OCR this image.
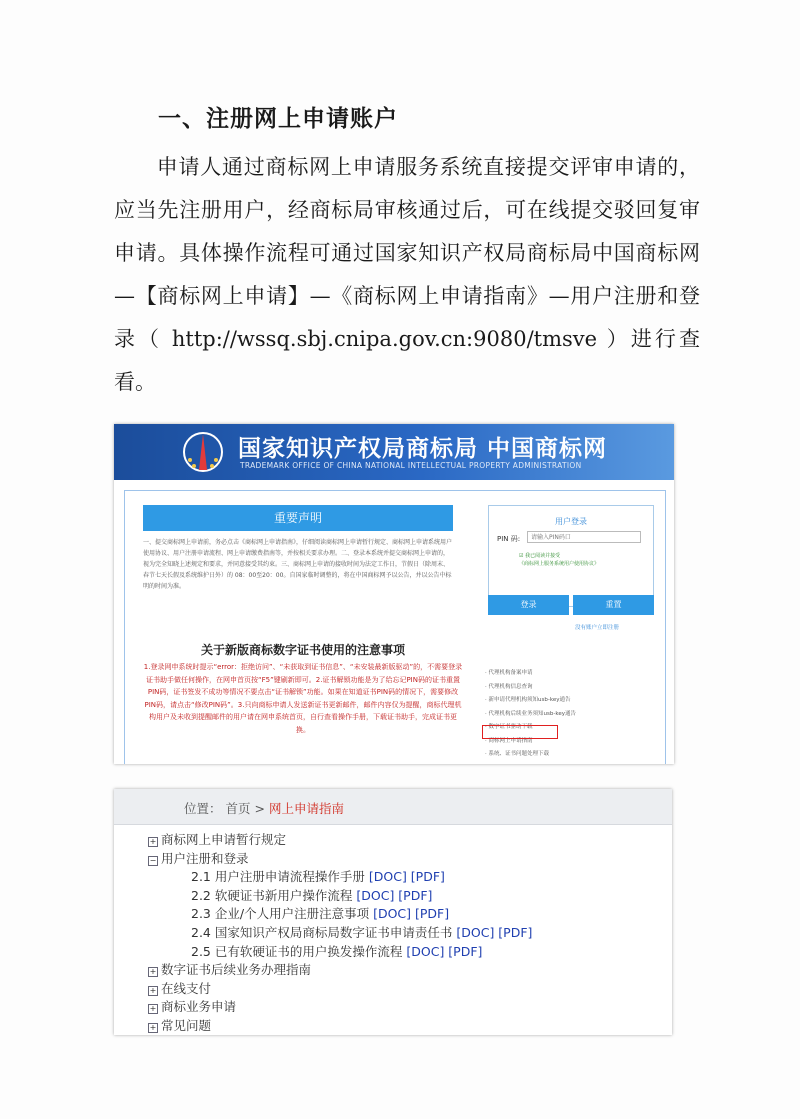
一、注册网上申请账户
申请人通过商标网上申请服务系统直接提交评审申请的，应当先注册用户，经商标局审核通过后，可在线提交驳回复审申请。具体操作流程可通过国家知识产权局商标局中国商标网—【商标网上申请】—《商标网上申请指南》—用户注册和登录（ http://wssq.sbj.cnipa.gov.cn:9080/tmsve ）进行查看。
国家知识产权局商标局 中国商标网
TRADEMARK OFFICE OF CHINA NATIONAL INTELLECTUAL PROPERTY ADMINISTRATION
重要声明
一、提交商标网上申请前，务必点击《商标网上申请指南》，仔细阅读商标网上申请暂行规定、商标网上申请系统用户使用协议、用户注册申请流程、网上申请缴费指南等，并按相关要求办理。二、登录本系统并提交商标网上申请的，视为完全知晓上述规定和要求，并同意接受其约束。三、商标网上申请的接收时间为法定工作日，节假日（除周末、春节七天长假及系统维护日外）的 08：00至20：00。自国家临时调整的，将在中国商标网予以公告，并以公告中标明的时间为准。
关于新版商标数字证书使用的注意事项
1.登录网申系统时提示“error：拒绝访问”、“未获取到证书信息”、“未安装最新版驱动”的，不需要登录证书助手做任何操作，在网申首页按“F5”键刷新即可。2.证书解锁功能是为了给忘记PIN码的证书重置PIN码，证书签发不成功等情况不要点击“证书解锁”功能。如果在知道证书PIN码的情况下，需要修改PIN码，请点击“修改PIN码”。3.只向商标申请人发送新证书更新邮件，邮件内容仅为提醒，商标代理机构用户及未收到提醒邮件的用户请在网申系统首页，自行查看操作手册，下载证书助手，完成证书更换。
用户登录
PIN 码:	请输入PIN码口
☑ 我已阅读并接受
《商标网上服务系统用户使用协议》
登录	重置
没有账户立即注册
· 代理机构备案申请
· 代理机构信息查询
· 新申请代理机构须知usb-key通告
· 代理机构后续业务须知usb-key通告
· 数字证书驱动下载
· 商标网上申请指南
· 系统、证书问题处理下载
位置： 首页 > 网上申请指南
+ 商标网上申请暂行规定
− 用户注册和登录
2.1 用户注册申请流程操作手册 [DOC] [PDF]
2.2 软硬证书新用户操作流程 [DOC] [PDF]
2.3 企业/个人用户注册注意事项 [DOC] [PDF]
2.4 国家知识产权局商标局数字证书申请责任书 [DOC] [PDF]
2.5 已有软硬证书的用户换发操作流程 [DOC] [PDF]
+ 数字证书后续业务办理指南
+ 在线支付
+ 商标业务申请
+ 常见问题
